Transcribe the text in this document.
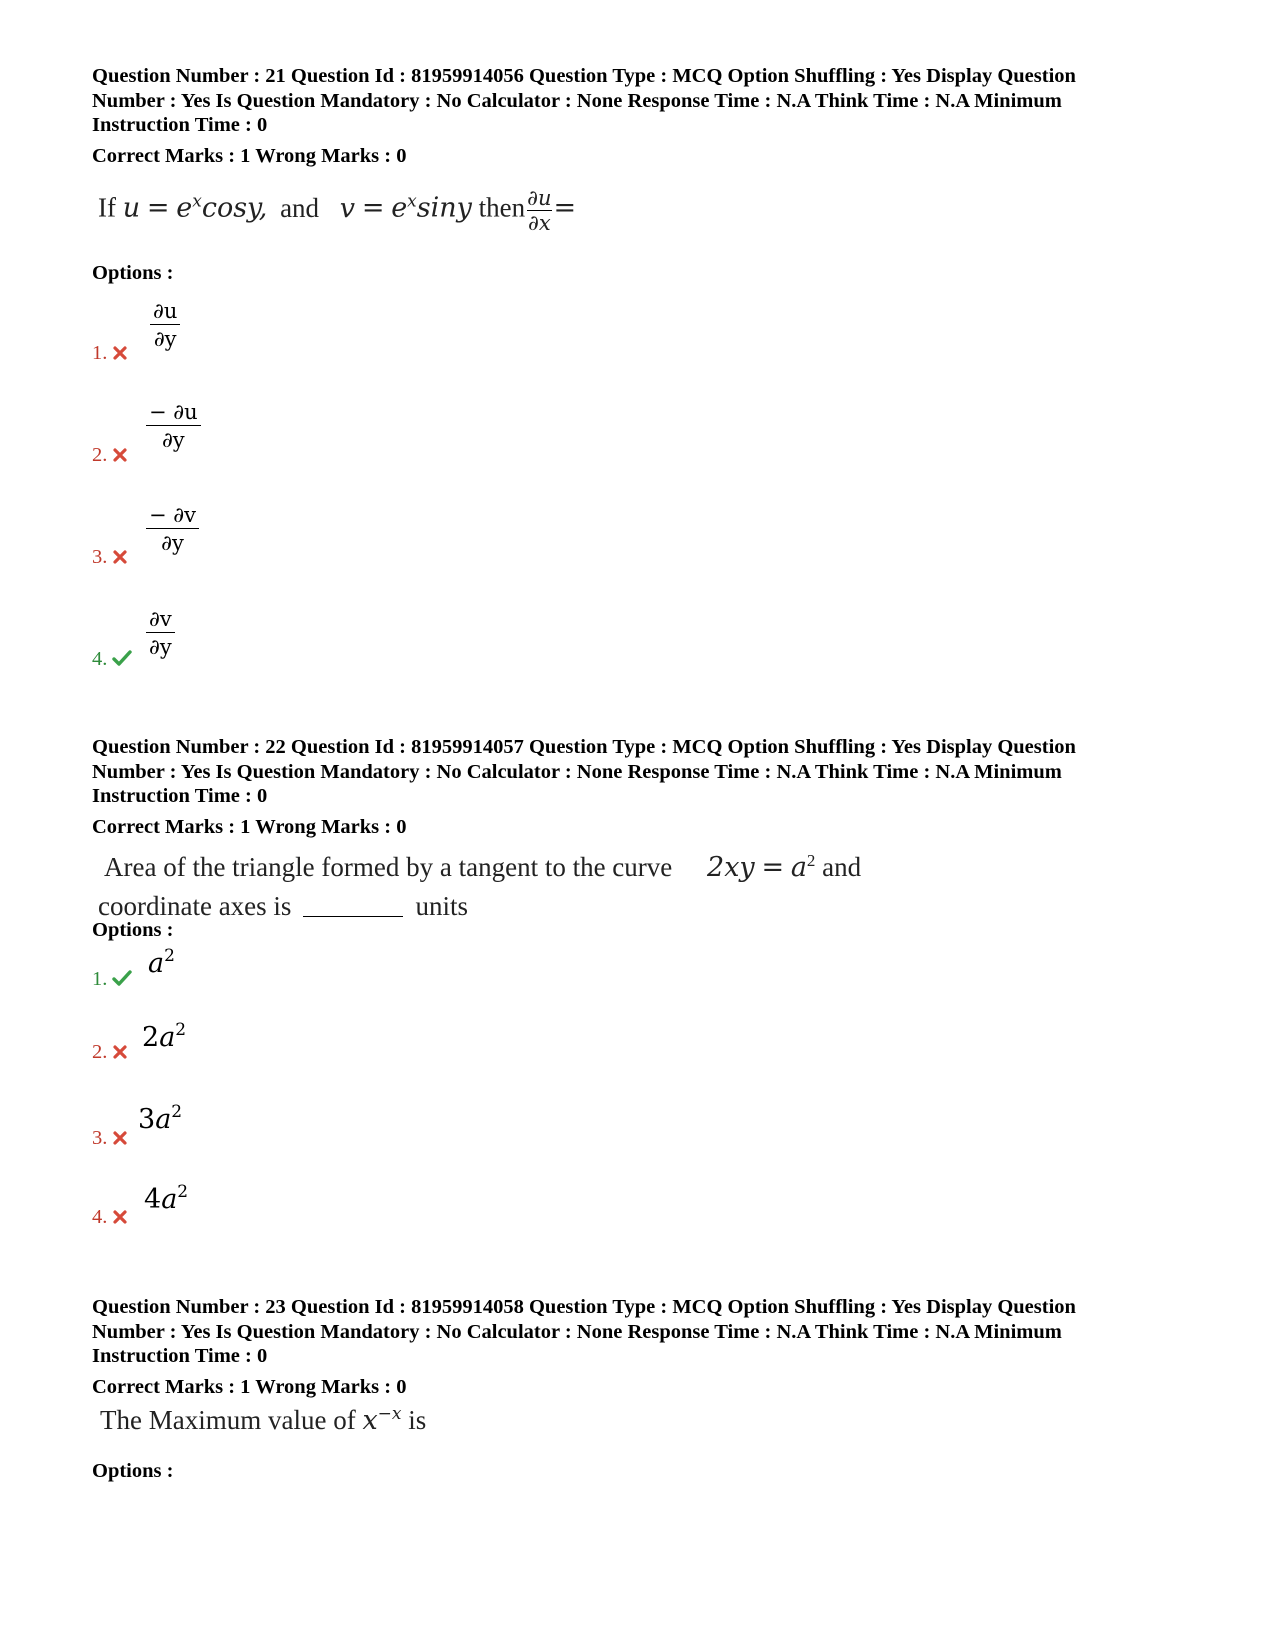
Question Number : 21 Question Id : 81959914056 Question Type : MCQ Option Shuffling : Yes Display Question

Number : Yes Is Question Mandatory : No Calculator : None Response Time : N.A Think Time : N.A Minimum

Instruction Time : 0

Correct Marks : 1 Wrong Marks : 0

If $u = e^x\cos y$, and $v = e^x\sin y$ then $\frac{\partial u}{\partial x}$ =
Options :
1.
∂u
∂y
2.
− ∂u
∂y
3.
− ∂v
∂y
4.
∂v
∂y

Question Number : 22 Question Id : 81959914057 Question Type : MCQ Option Shuffling : Yes Display Question

Number : Yes Is Question Mandatory : No Calculator : None Response Time : N.A Think Time : N.A Minimum

Instruction Time : 0

Correct Marks : 1 Wrong Marks : 0

Area of the triangle formed by a tangent to the curve $2xy = a^2$ and
coordinate axes is	units
Options :
1. $a^2$
2. $2a^2$
3.
$3a^2$
4.
$4a^2$

Question Number : 23 Question Id : 81959914058 Question Type : MCQ Option Shuffling : Yes Display Question

Number : Yes Is Question Mandatory : No Calculator : None Response Time : N.A Think Time : N.A Minimum

Instruction Time : 0

Correct Marks : 1 Wrong Marks : 0

The Maximum value of $x^{-x}$ is
Options :
